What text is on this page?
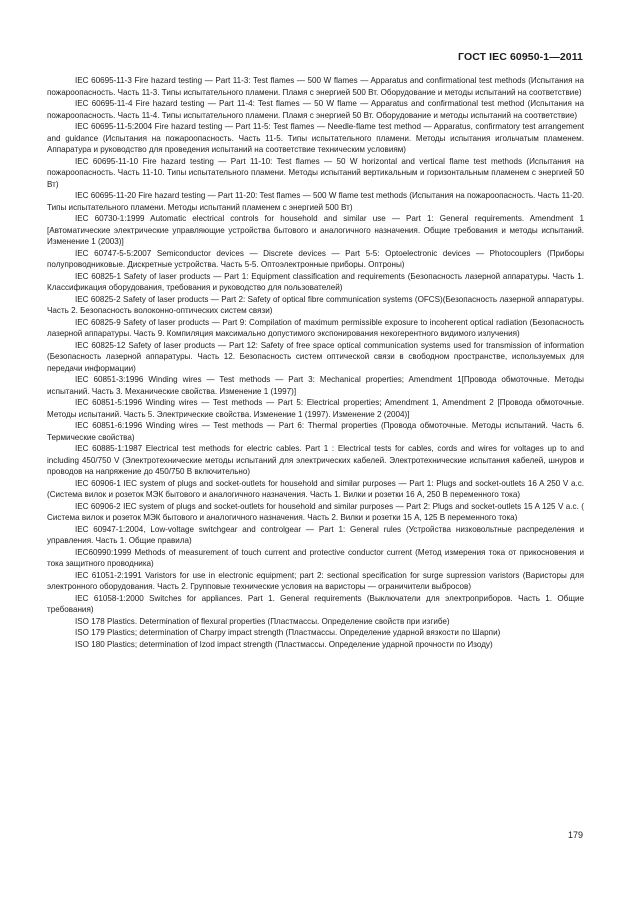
ГОСТ IEC 60950-1—2011

IEC 60695-11-3 Fire hazard testing — Part 11-3: Test flames — 500 W flames — Apparatus and confirmational test methods (Испытания на пожароопасность. Часть 11-3. Типы испытательного пламени. Пламя с энергией 500 Вт. Оборудование и методы испытаний на соответствие)

IEC 60695-11-4 Fire hazard testing — Part 11-4: Test flames — 50 W flame — Apparatus and confirmational test method (Испытания на пожароопасность. Часть 11-4. Типы испытательного пламени. Пламя с энергией 50 Вт. Оборудование и методы испытаний на соответствие)

IEC 60695-11-5:2004 Fire hazard testing — Part 11-5: Test flames — Needle-flame test method — Apparatus, confirmatory test arrangement and guidance (Испытания на пожароопасность. Часть 11-5. Типы испытательного пламени. Методы испытания игольчатым пламенем. Аппаратура и руководство для проведения испытаний на соответствие техническим условиям)

IEC 60695-11-10 Fire hazard testing — Part 11-10: Test flames — 50 W horizontal and vertical flame test methods (Испытания на пожароопасность. Часть 11-10. Типы испытательного пламени. Методы испытаний вертикальным и горизонтальным пламенем с энергией 50 Вт)

IEC 60695-11-20 Fire hazard testing — Part 11-20: Test flames — 500 W flame test methods (Испытания на пожароопасность. Часть 11-20. Типы испытательного пламени. Методы испытаний пламенем с энергией 500 Вт)

IEC 60730-1:1999 Automatic electrical controls for household and similar use — Part 1: General requirements. Amendment 1 [Автоматические электрические управляющие устройства бытового и аналогичного назначения. Общие требования и методы испытаний. Изменение 1 (2003)]

IEC 60747-5-5:2007 Semiconductor devices — Discrete devices — Part 5-5: Optoelectronic devices — Photocouplers (Приборы полупроводниковые. Дискретные устройства. Часть 5-5. Оптоэлектронные приборы. Оптроны)

IEC 60825-1 Safety of laser products — Part 1: Equipment classification and requirements (Безопасность лазерной аппаратуры. Часть 1. Классификация оборудования, требования и руководство для пользователей)

IEC 60825-2 Safety of laser products — Part 2: Safety of optical fibre communication systems (OFCS)(Безопасность лазерной аппаратуры. Часть 2. Безопасность волоконно-оптических систем связи)

IEC 60825-9 Safety of laser products — Part 9: Compilation of maximum permissible exposure to incoherent optical radiation (Безопасность лазерной аппаратуры. Часть 9. Компиляция максимально допустимого экспонирования некогерентного видимого излучения)

IEC 60825-12 Safety of laser products — Part 12: Safety of free space optical communication systems used for transmission of information (Безопасность лазерной аппаратуры. Часть 12. Безопасность систем оптической связи в свободном пространстве, используемых для передачи информации)

IEC 60851-3:1996 Winding wires — Test methods — Part 3: Mechanical properties; Amendment 1[Провода обмоточные. Методы испытаний. Часть 3. Механические свойства. Изменение 1 (1997)]

IEC 60851-5:1996 Winding wires — Test methods — Part 5: Electrical properties; Amendment 1, Amendment 2 [Провода обмоточные. Методы испытаний. Часть 5. Электрические свойства. Изменение 1 (1997). Изменение 2 (2004)]

IEC 60851-6:1996 Winding wires — Test methods — Part 6: Thermal properties (Провода обмоточные. Методы испытаний. Часть 6. Термические свойства)

IEC 60885-1:1987 Electrical test methods for electric cables. Part 1 : Electrical tests for cables, cords and wires for voltages up to and including 450/750 V (Электротехнические методы испытаний для электрических кабелей. Электротехнические испытания кабелей, шнуров и проводов на напряжение до 450/750 В включительно)

IEC 60906-1 IEC system of plugs and socket-outlets for household and similar purposes — Part 1: Plugs and socket-outlets 16 A 250 V a.c. (Система вилок и розеток МЭК бытового и аналогичного назначения. Часть 1. Вилки и розетки 16 А, 250 В переменного тока)

IEC 60906-2 IEC system of plugs and socket-outlets for household and similar purposes — Part 2: Plugs and socket-outlets 15 A 125 V a.c. ( Система вилок и розеток МЭК бытового и аналогичного назначения. Часть 2. Вилки и розетки 15 А, 125 В переменного тока)

IEC 60947-1:2004, Low-voltage switchgear and controlgear — Part 1: General rules (Устройства низковольтные распределения и управления. Часть 1. Общие правила)

IEC60990:1999 Methods of measurement of touch current and protective conductor current (Метод измерения тока от прикосновения и тока защитного проводника)

IEC 61051-2:1991 Varistors for use in electronic equipment; part 2: sectional specification for surge supression varistors (Варисторы для электронного оборудования. Часть 2. Групповые технические условия на варисторы — ограничители выбросов)

IEC 61058-1:2000 Switches for appliances. Part 1. General requirements (Выключатели для электроприборов. Часть 1. Общие требования)

ISO 178 Plastics. Determination of flexural properties (Пластмассы. Определение свойств при изгибе)

ISO 179 Plastics; determination of Charpy impact strength (Пластмассы. Определение ударной вязкости по Шарпи)

ISO 180 Plastics; determination of Izod impact strength (Пластмассы. Определение ударной прочности по Изоду)

179
